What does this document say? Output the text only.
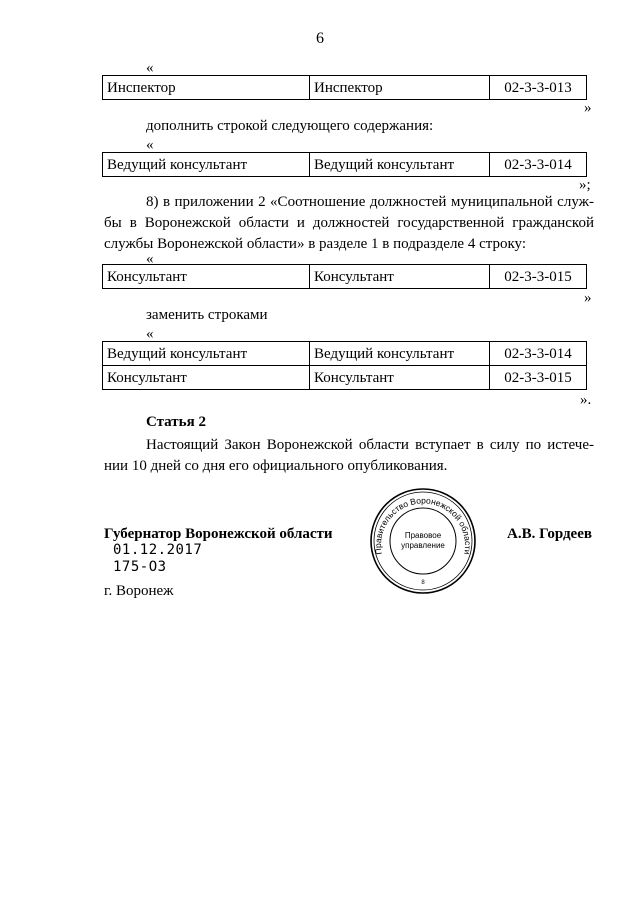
6
«
Инспектор	Инспектор	02-3-3-013
»
дополнить строкой следующего содержания:
«
Ведущий консультант	Ведущий консультант	02-3-3-014
»;
8) в приложении 2 «Соотношение должностей муниципальной служ-
бы в Воронежской области и должностей государственной гражданской
службы Воронежской области» в разделе 1 в подразделе 4 строку:
«
Консультант	Консультант	02-3-3-015
»
заменить строками
«
Ведущий консультант	Ведущий консультант	02-3-3-014
Консультант	Консультант	02-3-3-015
».
Статья 2
Настоящий Закон Воронежской области вступает в силу по истече-
нии 10 дней со дня его официального опубликования.
Губернатор Воронежской области	А.В. Гордеев
01.12.2017
175-ОЗ
г. Воронеж
Правительство Воронежской области
Правовое
управление
8
